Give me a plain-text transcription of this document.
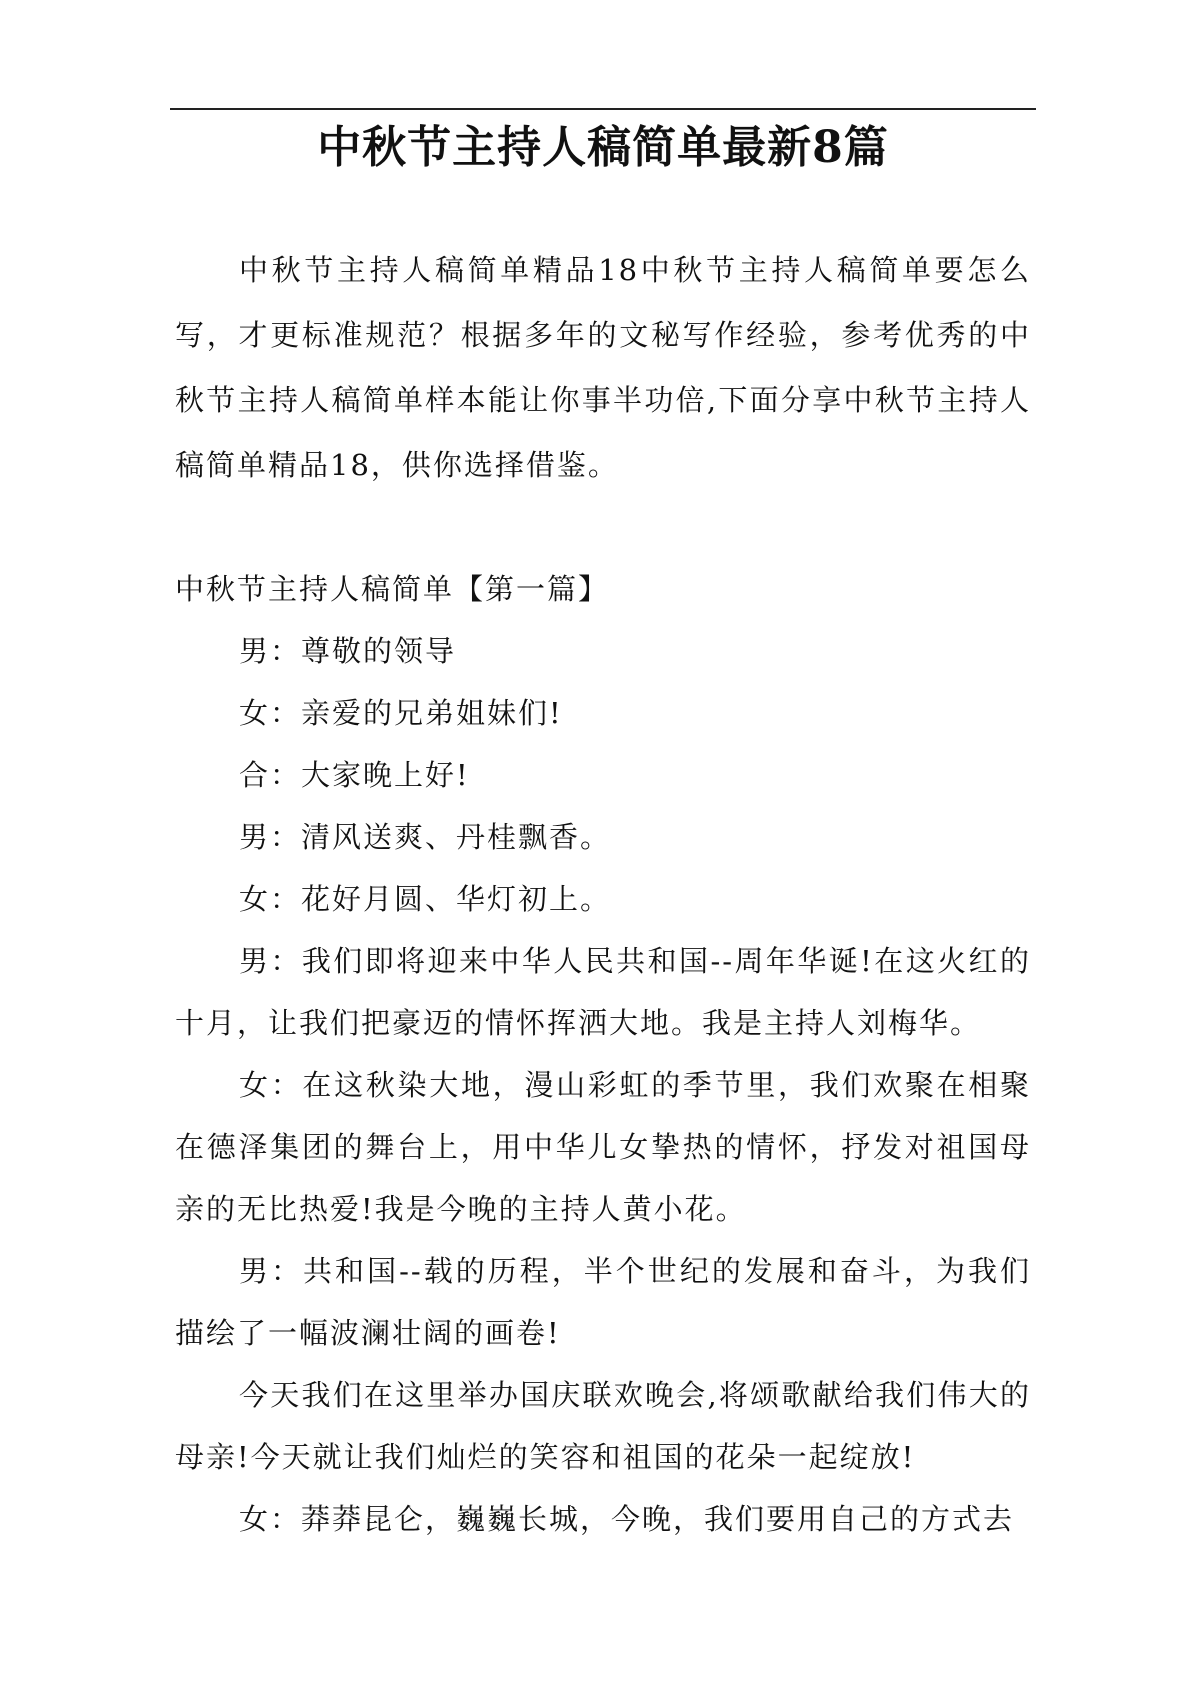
中秋节主持人稿简单最新8篇

中秋节主持人稿简单精品18中秋节主持人稿简单要怎么写，才更标准规范？根据多年的文秘写作经验，参考优秀的中秋节主持人稿简单样本能让你事半功倍,下面分享中秋节主持人稿简单精品18，供你选择借鉴。

中秋节主持人稿简单【第一篇】

男：尊敬的领导

女：亲爱的兄弟姐妹们!

合：大家晚上好!

男：清风送爽、丹桂飘香。

女：花好月圆、华灯初上。

男：我们即将迎来中华人民共和国--周年华诞!在这火红的十月，让我们把豪迈的情怀挥洒大地。我是主持人刘梅华。

女：在这秋染大地，漫山彩虹的季节里，我们欢聚在相聚在德泽集团的舞台上，用中华儿女挚热的情怀，抒发对祖国母亲的无比热爱!我是今晚的主持人黄小花。

男：共和国--载的历程，半个世纪的发展和奋斗，为我们描绘了一幅波澜壮阔的画卷!

今天我们在这里举办国庆联欢晚会,将颂歌献给我们伟大的母亲!今天就让我们灿烂的笑容和祖国的花朵一起绽放!

女：莽莽昆仑，巍巍长城，今晚，我们要用自己的方式去
